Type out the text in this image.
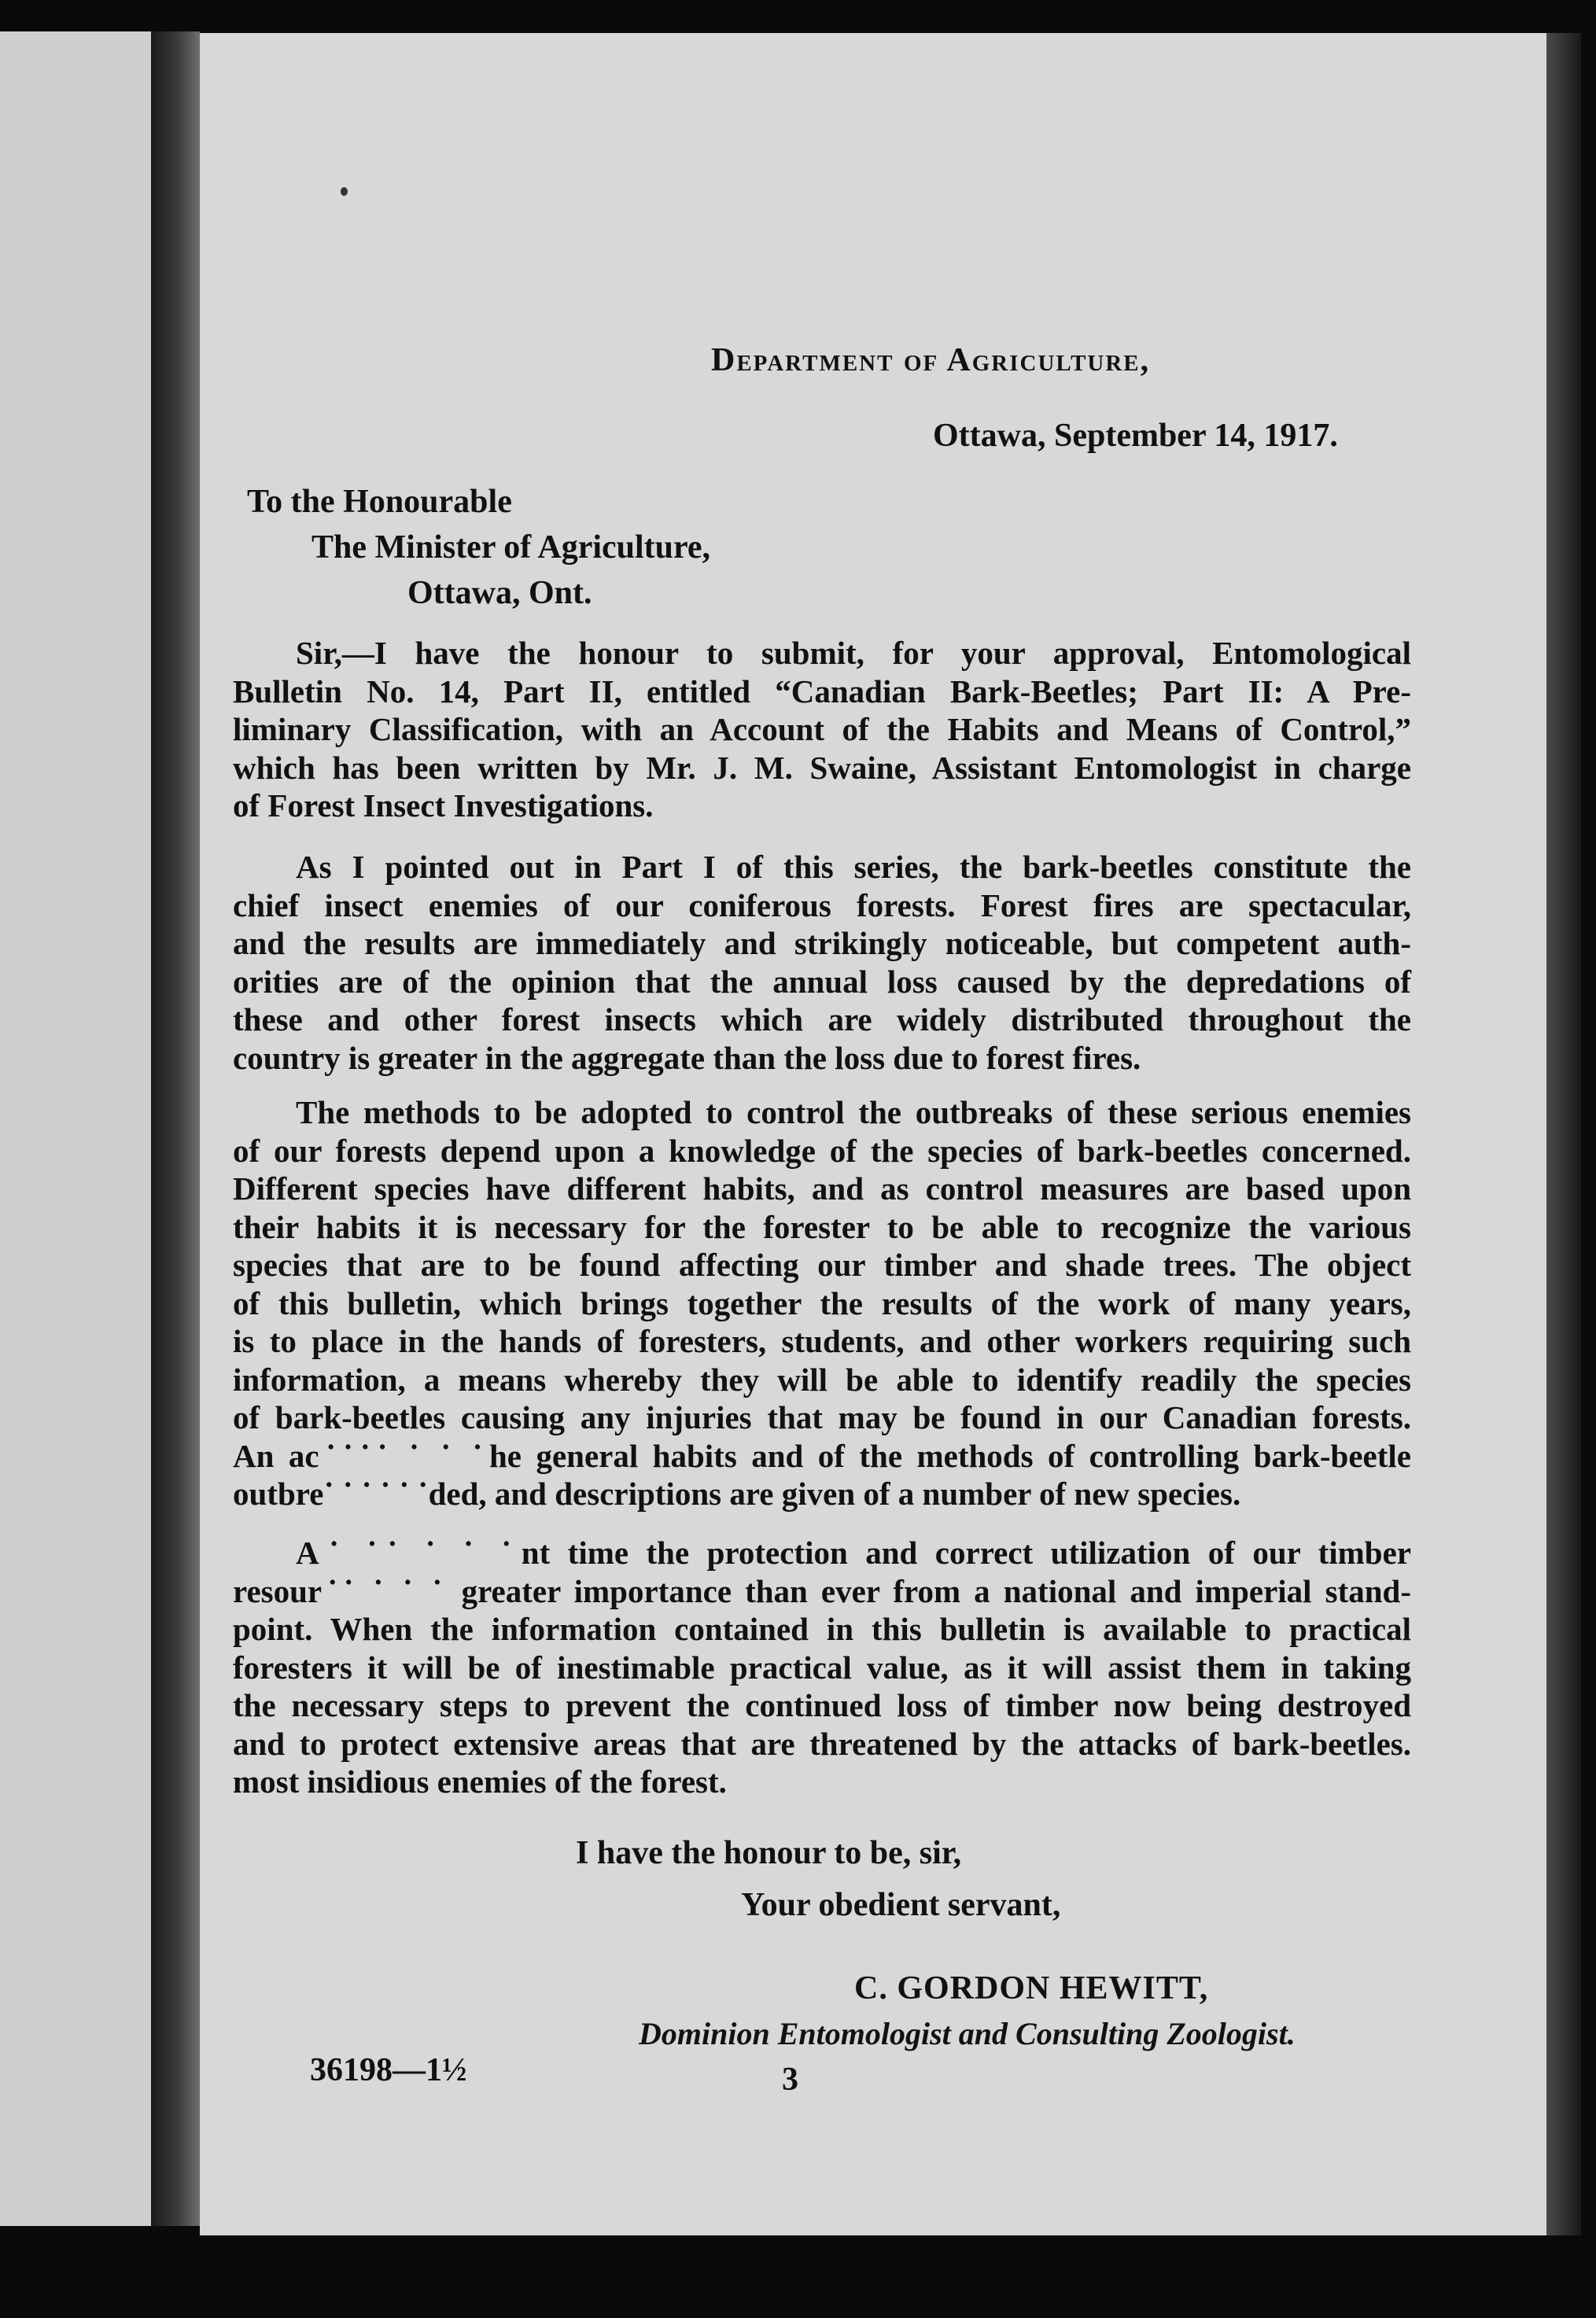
Department of Agriculture,
Ottawa, September 14, 1917.
To the Honourable
The Minister of Agriculture,
Ottawa, Ont.
Sir,—I have the honour to submit, for your approval, Entomological
Bulletin No. 14, Part II, entitled “Canadian Bark-Beetles; Part II: A Pre-
liminary Classification, with an Account of the Habits and Means of Control,”
which has been written by Mr. J. M. Swaine, Assistant Entomologist in charge
of Forest Insect Investigations.
As I pointed out in Part I of this series, the bark-beetles constitute the
chief insect enemies of our coniferous forests. Forest fires are spectacular,
and the results are immediately and strikingly noticeable, but competent auth-
orities are of the opinion that the annual loss caused by the depredations of
these and other forest insects which are widely distributed throughout the
country is greater in the aggregate than the loss due to forest fires.
The methods to be adopted to control the outbreaks of these serious enemies
of our forests depend upon a knowledge of the species of bark-beetles concerned.
Different species have different habits, and as control measures are based upon
their habits it is necessary for the forester to be able to recognize the various
species that are to be found affecting our timber and shade trees. The object
of this bulletin, which brings together the results of the work of many years,
is to place in the hands of foresters, students, and other workers requiring such
information, a means whereby they will be able to identify readily the species
of bark-beetles causing any injuries that may be found in our Canadian forests.
An ac˙˙˙˙ ˙ ˙ ˙he general habits and of the methods of controlling bark-beetle
outbre˙ ˙ ˙ ˙ ˙ ˙ded, and descriptions are given of a number of new species.
A˙ ˙˙ ˙ ˙ ˙nt time the protection and correct utilization of our timber
resour˙˙ ˙ ˙ ˙ greater importance than ever from a national and imperial stand-
point. When the information contained in this bulletin is available to practical
foresters it will be of inestimable practical value, as it will assist them in taking
the necessary steps to prevent the continued loss of timber now being destroyed
and to protect extensive areas that are threatened by the attacks of bark-beetles.
most insidious enemies of the forest.
I have the honour to be, sir,
Your obedient servant,
C. GORDON HEWITT,
Dominion Entomologist and Consulting Zoologist.
36198—1½	3
